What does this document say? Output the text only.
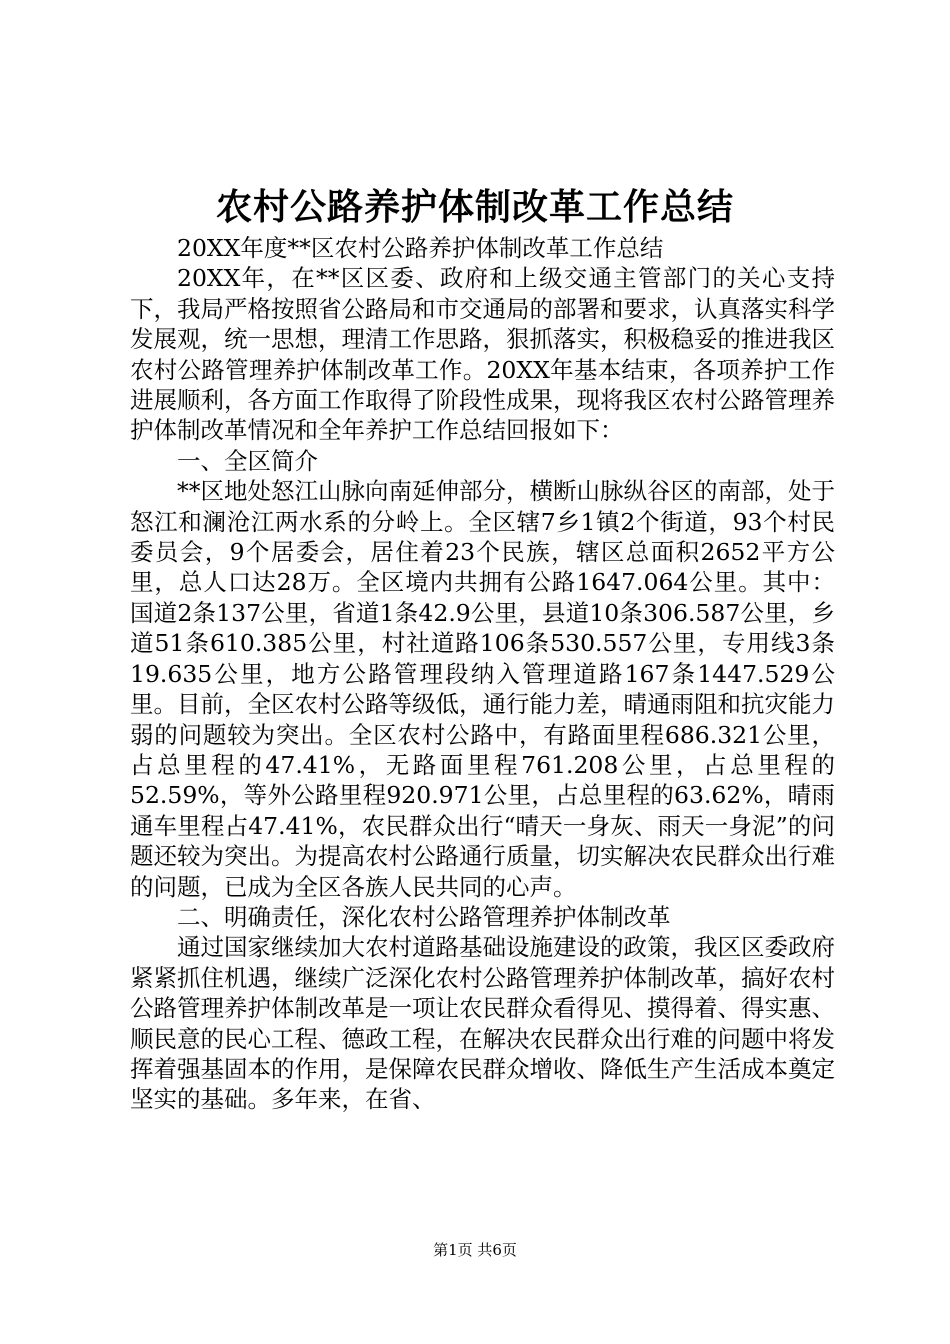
农村公路养护体制改革工作总结

20XX年度**区农村公路养护体制改革工作总结

20XX年，在**区区委、政府和上级交通主管部门的关心支持下，我局严格按照省公路局和市交通局的部署和要求，认真落实科学发展观，统一思想，理清工作思路，狠抓落实，积极稳妥的推进我区农村公路管理养护体制改革工作。20XX年基本结束，各项养护工作进展顺利，各方面工作取得了阶段性成果，现将我区农村公路管理养护体制改革情况和全年养护工作总结回报如下：

一、全区简介

**区地处怒江山脉向南延伸部分，横断山脉纵谷区的南部，处于怒江和澜沧江两水系的分岭上。全区辖7乡1镇2个街道，93个村民委员会，9个居委会，居住着23个民族，辖区总面积2652平方公里，总人口达28万。全区境内共拥有公路1647.064公里。其中：国道2条137公里，省道1条42.9公里，县道10条306.587公里，乡道51条610.385公里，村社道路106条530.557公里，专用线3条19.635公里，地方公路管理段纳入管理道路167条1447.529公里。目前，全区农村公路等级低，通行能力差，晴通雨阻和抗灾能力弱的问题较为突出。全区农村公路中，有路面里程686.321公里，占总里程的47.41%，无路面里程761.208公里，占总里程的52.59%，等外公路里程920.971公里，占总里程的63.62%，晴雨通车里程占47.41%，农民群众出行“晴天一身灰、雨天一身泥”的问题还较为突出。为提高农村公路通行质量，切实解决农民群众出行难的问题，已成为全区各族人民共同的心声。

二、明确责任，深化农村公路管理养护体制改革

通过国家继续加大农村道路基础设施建设的政策，我区区委政府紧紧抓住机遇，继续广泛深化农村公路管理养护体制改革，搞好农村公路管理养护体制改革是一项让农民群众看得见、摸得着、得实惠、顺民意的民心工程、德政工程，在解决农民群众出行难的问题中将发挥着强基固本的作用，是保障农民群众增收、降低生产生活成本奠定坚实的基础。多年来，在省、

第1页 共6页
